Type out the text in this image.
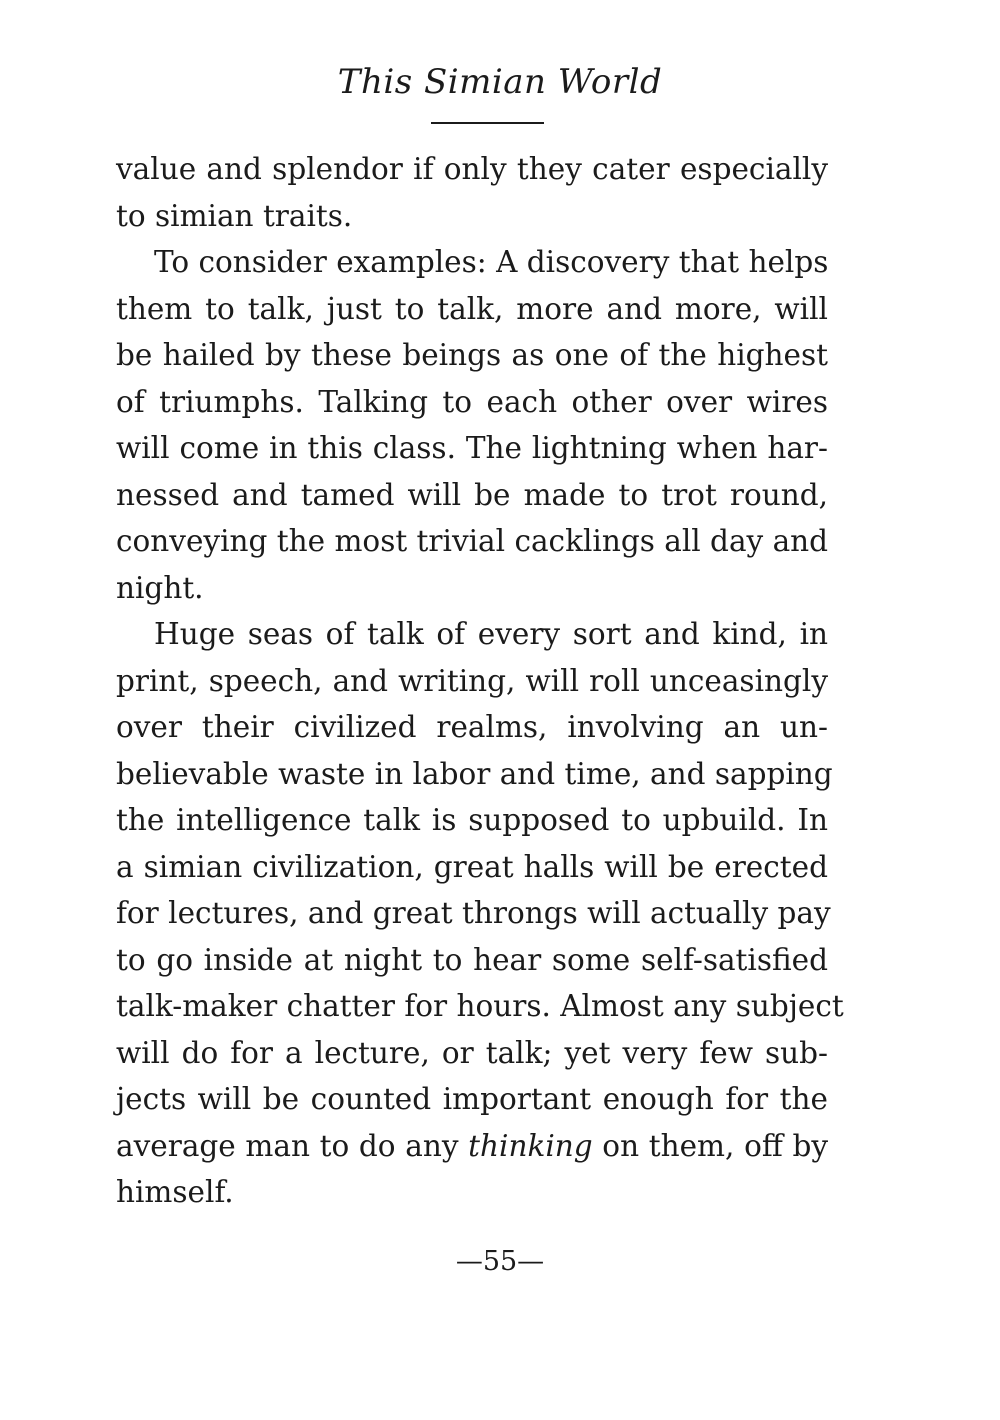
This Simian World
value and splendor if only they cater especially
to simian traits.
To consider examples: A discovery that helps
them to talk, just to talk, more and more, will
be hailed by these beings as one of the highest
of triumphs. Talking to each other over wires
will come in this class. The lightning when har-
nessed and tamed will be made to trot round,
conveying the most trivial cacklings all day and
night.
Huge seas of talk of every sort and kind, in
print, speech, and writing, will roll unceasingly
over their civilized realms, involving an un-
believable waste in labor and time, and sapping
the intelligence talk is supposed to upbuild. In
a simian civilization, great halls will be erected
for lectures, and great throngs will actually pay
to go inside at night to hear some self-satisfied
talk-maker chatter for hours. Almost any subject
will do for a lecture, or talk; yet very few sub-
jects will be counted important enough for the
average man to do any thinking on them, off by
himself.
—55—
